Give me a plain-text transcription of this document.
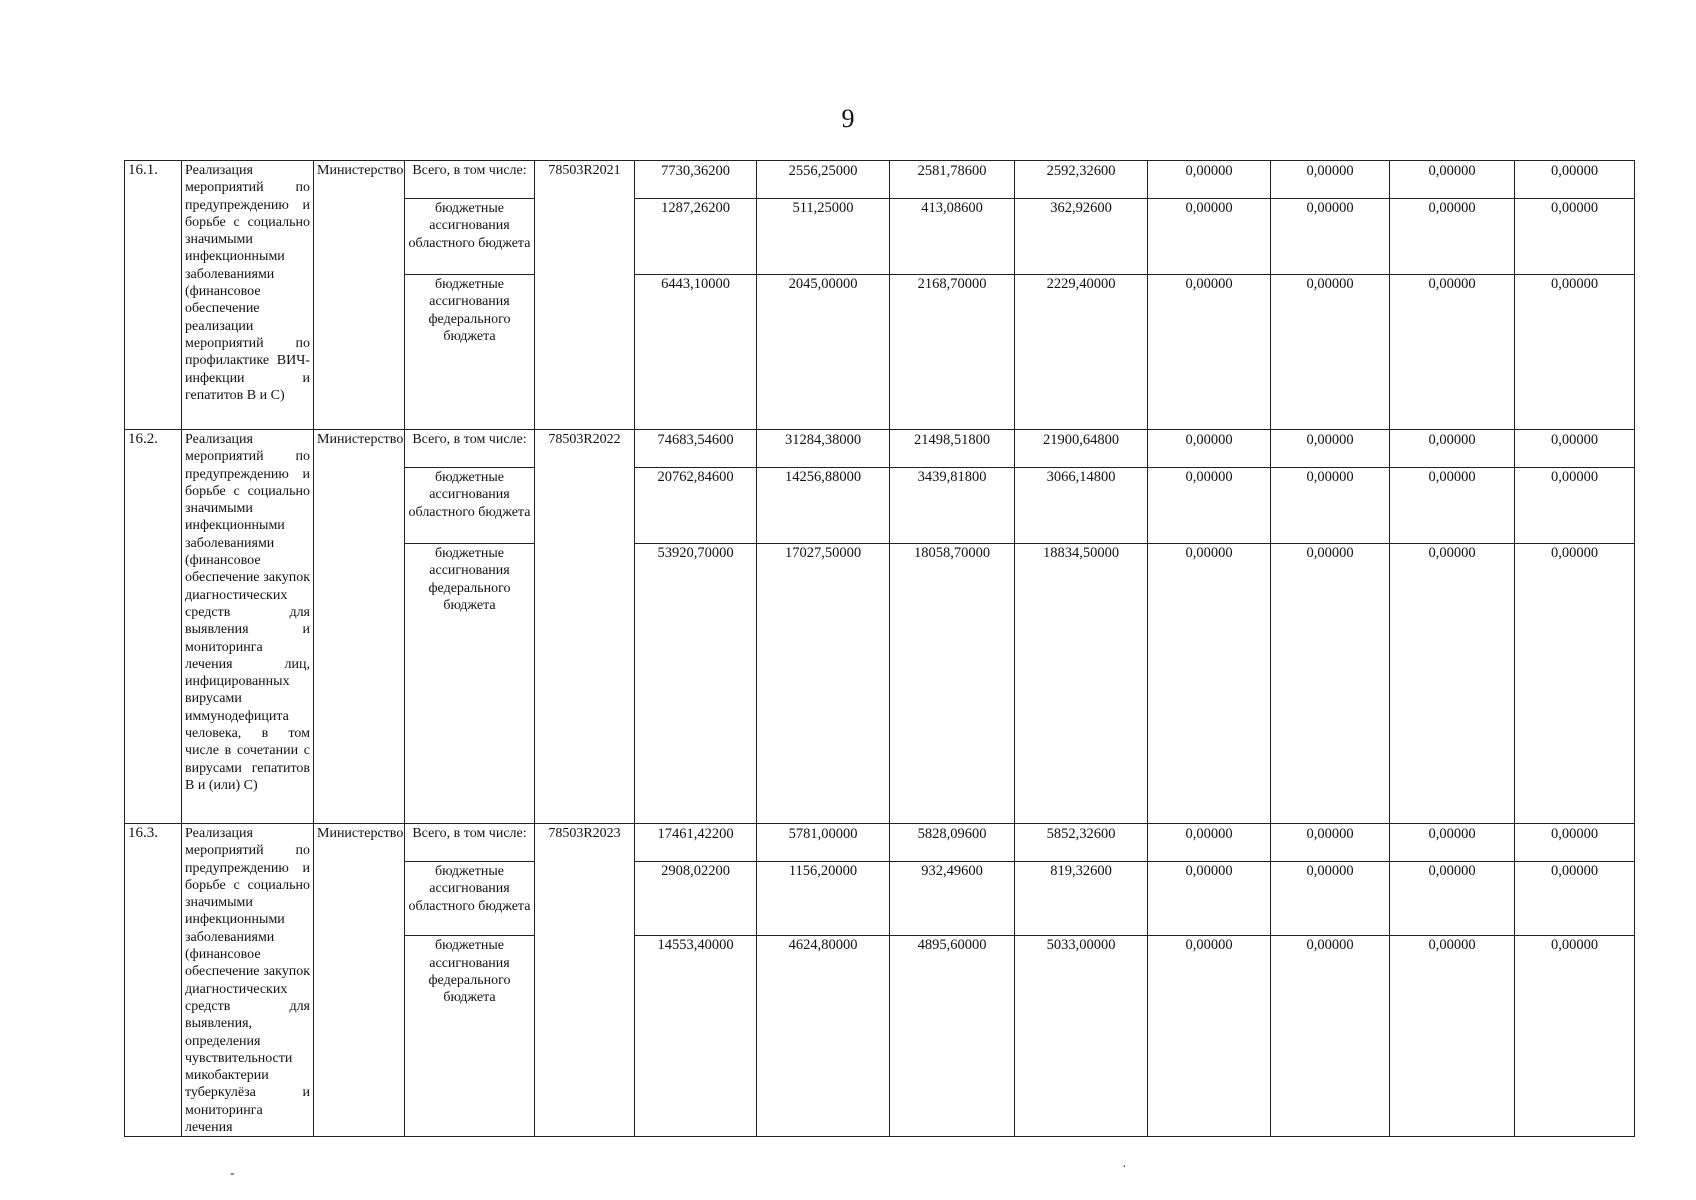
9
16.1.	Реализация мероприятий по предупреждению и борьбе с социально значимыми инфекционными заболеваниями (финансовое обеспечение реализации мероприятий по профилактике ВИЧ-инфекции и гепатитов В и С)	Министерство	Всего, в том числе:	78503R2021	7730,36200	2556,25000	2581,78600	2592,32600	0,00000	0,00000	0,00000	0,00000
			бюджетные ассигнования областного бюджета		1287,26200	511,25000	413,08600	362,92600	0,00000	0,00000	0,00000	0,00000
			бюджетные ассигнования федерального бюджета		6443,10000	2045,00000	2168,70000	2229,40000	0,00000	0,00000	0,00000	0,00000
16.2.	Реализация мероприятий по предупреждению и борьбе с социально значимыми инфекционными заболеваниями (финансовое обеспечение закупок диагностических средств для выявления и мониторинга лечения лиц, инфицированных вирусами иммунодефицита человека, в том числе в сочетании с вирусами гепатитов В и (или) С)	Министерство	Всего, в том числе:	78503R2022	74683,54600	31284,38000	21498,51800	21900,64800	0,00000	0,00000	0,00000	0,00000
			бюджетные ассигнования областного бюджета		20762,84600	14256,88000	3439,81800	3066,14800	0,00000	0,00000	0,00000	0,00000
			бюджетные ассигнования федерального бюджета		53920,70000	17027,50000	18058,70000	18834,50000	0,00000	0,00000	0,00000	0,00000
16.3.	Реализация мероприятий по предупреждению и борьбе с социально значимыми инфекционными заболеваниями (финансовое обеспечение закупок диагностических средств для выявления, определения чувствительности микобактерии туберкулёза и мониторинга лечения	Министерство	Всего, в том числе:	78503R2023	17461,42200	5781,00000	5828,09600	5852,32600	0,00000	0,00000	0,00000	0,00000
			бюджетные ассигнования областного бюджета		2908,02200	1156,20000	932,49600	819,32600	0,00000	0,00000	0,00000	0,00000
			бюджетные ассигнования федерального бюджета		14553,40000	4624,80000	4895,60000	5033,00000	0,00000	0,00000	0,00000	0,00000
-	·
